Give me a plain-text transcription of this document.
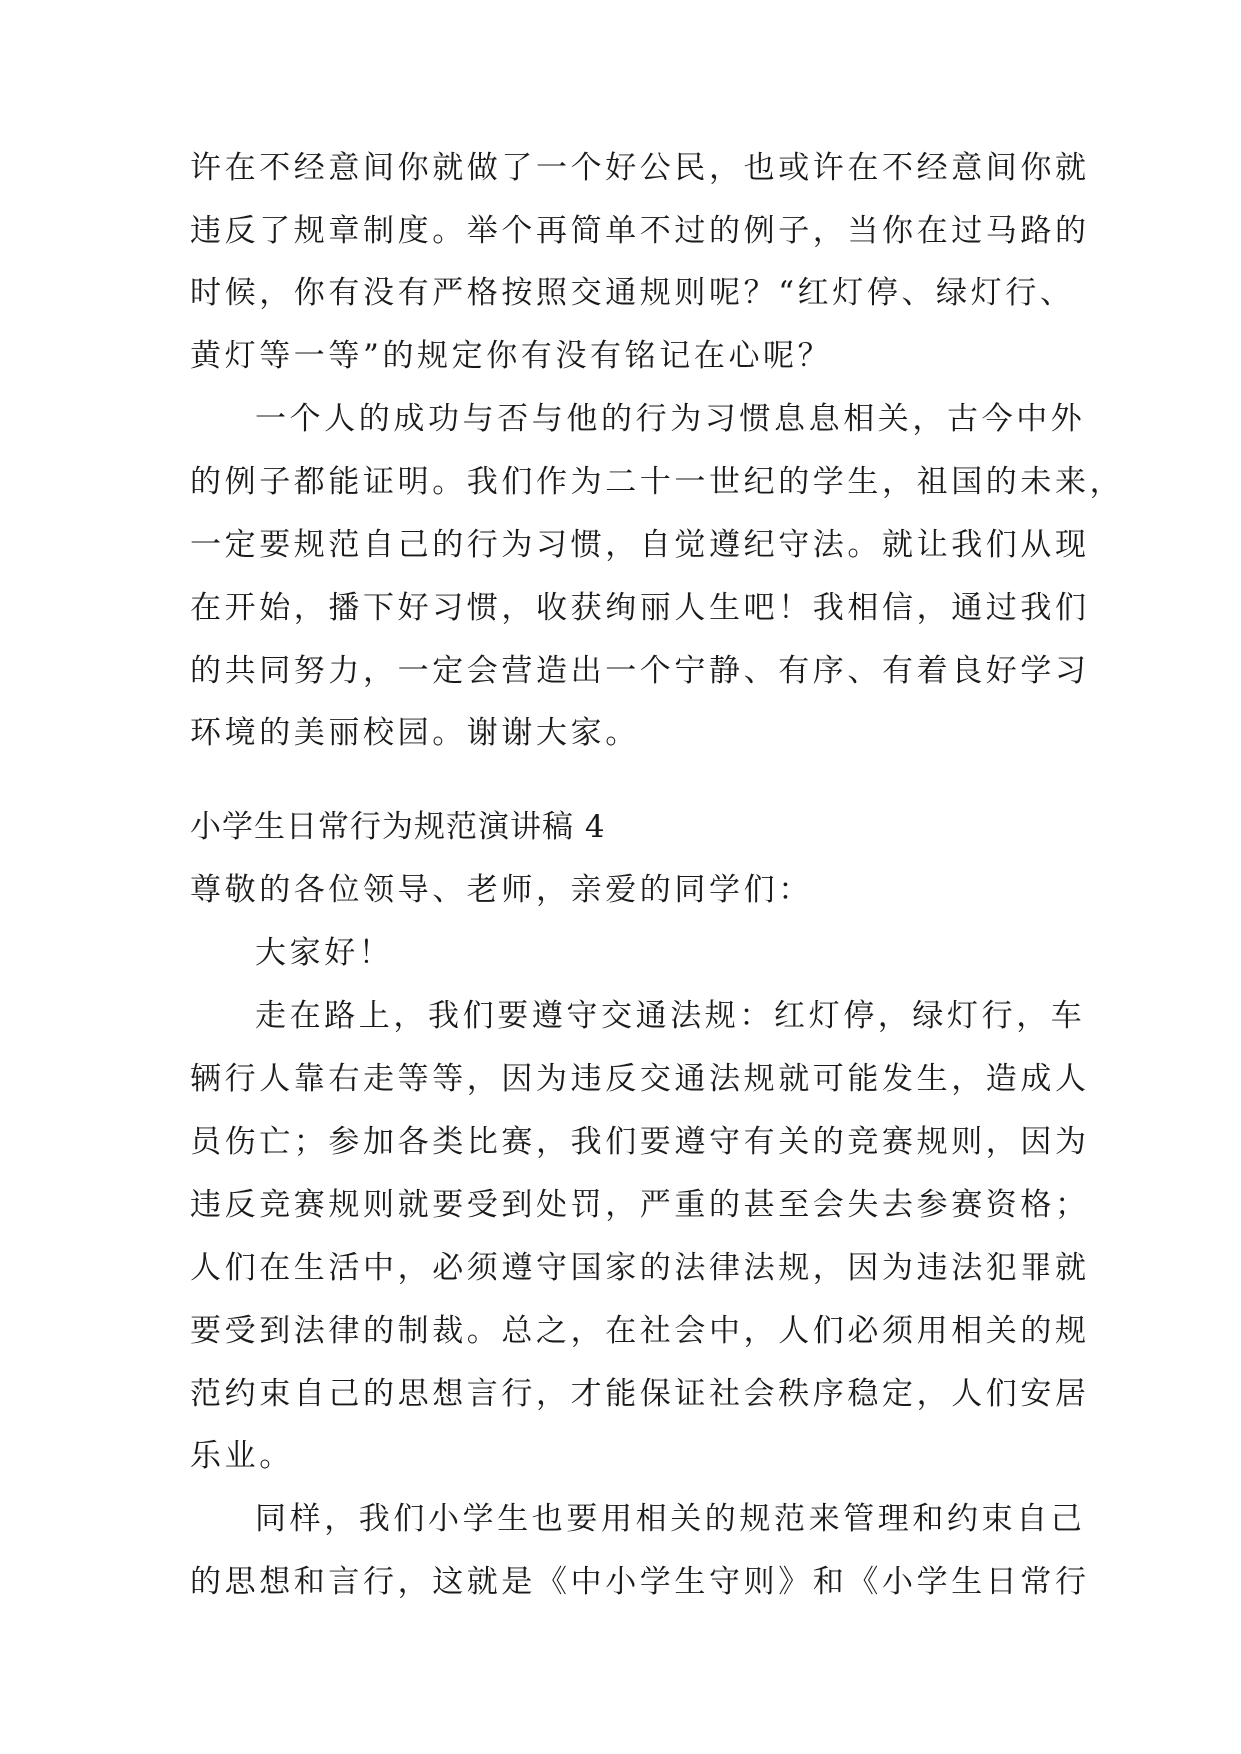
许在不经意间你就做了一个好公民，也或许在不经意间你就
违反了规章制度。举个再简单不过的例子，当你在过马路的
时候，你有没有严格按照交通规则呢？“红灯停、绿灯行、
黄灯等一等”的规定你有没有铭记在心呢？
一个人的成功与否与他的行为习惯息息相关，古今中外
的例子都能证明。我们作为二十一世纪的学生，祖国的未来，
一定要规范自己的行为习惯，自觉遵纪守法。就让我们从现
在开始，播下好习惯，收获绚丽人生吧！我相信，通过我们
的共同努力，一定会营造出一个宁静、有序、有着良好学习
环境的美丽校园。谢谢大家。
小学生日常行为规范演讲稿 4
尊敬的各位领导、老师，亲爱的同学们：
大家好！
走在路上，我们要遵守交通法规：红灯停，绿灯行，车
辆行人靠右走等等，因为违反交通法规就可能发生，造成人
员伤亡；参加各类比赛，我们要遵守有关的竞赛规则，因为
违反竞赛规则就要受到处罚，严重的甚至会失去参赛资格；
人们在生活中，必须遵守国家的法律法规，因为违法犯罪就
要受到法律的制裁。总之，在社会中，人们必须用相关的规
范约束自己的思想言行，才能保证社会秩序稳定，人们安居
乐业。
同样，我们小学生也要用相关的规范来管理和约束自己
的思想和言行，这就是《中小学生守则》和《小学生日常行
